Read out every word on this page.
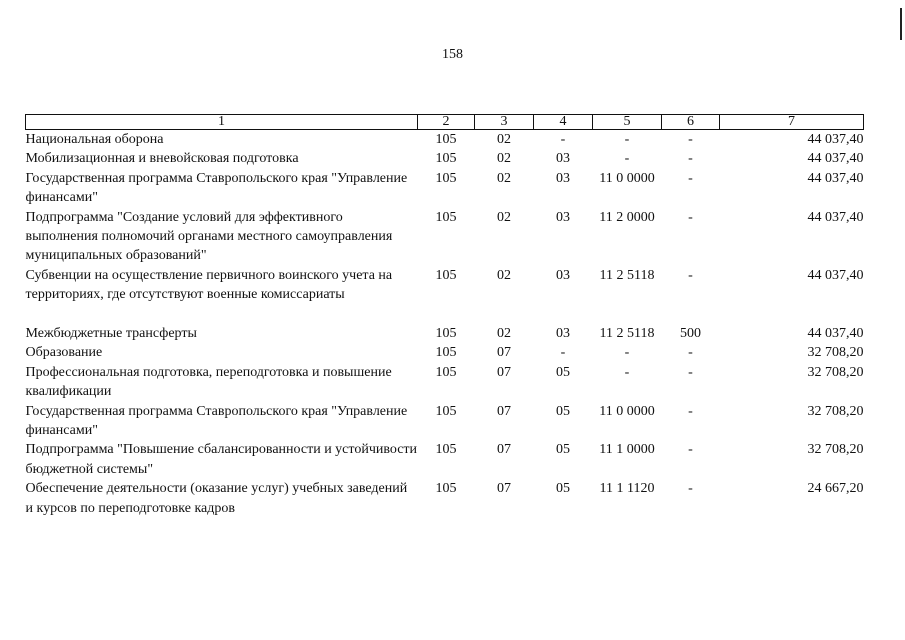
158
1	2	3	4	5	6	7
Национальная оборона	105	02	-	-	-	44 037,40
Мобилизационная и вневойсковая подготовка	105	02	03	-	-	44 037,40
Государственная программа Ставропольского края "Управление финансами"	105	02	03	11 0 0000	-	44 037,40
Подпрограмма "Создание условий для эффективного выполнения полномочий органами местного самоуправления муниципальных образований"	105	02	03	11 2 0000	-	44 037,40
Субвенции на осуществление первичного воинского учета на территориях, где отсутствуют военные комиссариаты	105	02	03	11 2 5118	-	44 037,40

Межбюджетные трансферты	105	02	03	11 2 5118	500	44 037,40
Образование	105	07	-	-	-	32 708,20
Профессиональная подготовка, переподготовка и повышение квалификации	105	07	05	-	-	32 708,20
Государственная программа Ставропольского края "Управление финансами"	105	07	05	11 0 0000	-	32 708,20
Подпрограмма "Повышение сбалансированности и устойчивости бюджетной системы"	105	07	05	11 1 0000	-	32 708,20
Обеспечение деятельности (оказание услуг) учебных заведений и курсов по переподготовке кадров	105	07	05	11 1 1120	-	24 667,20
